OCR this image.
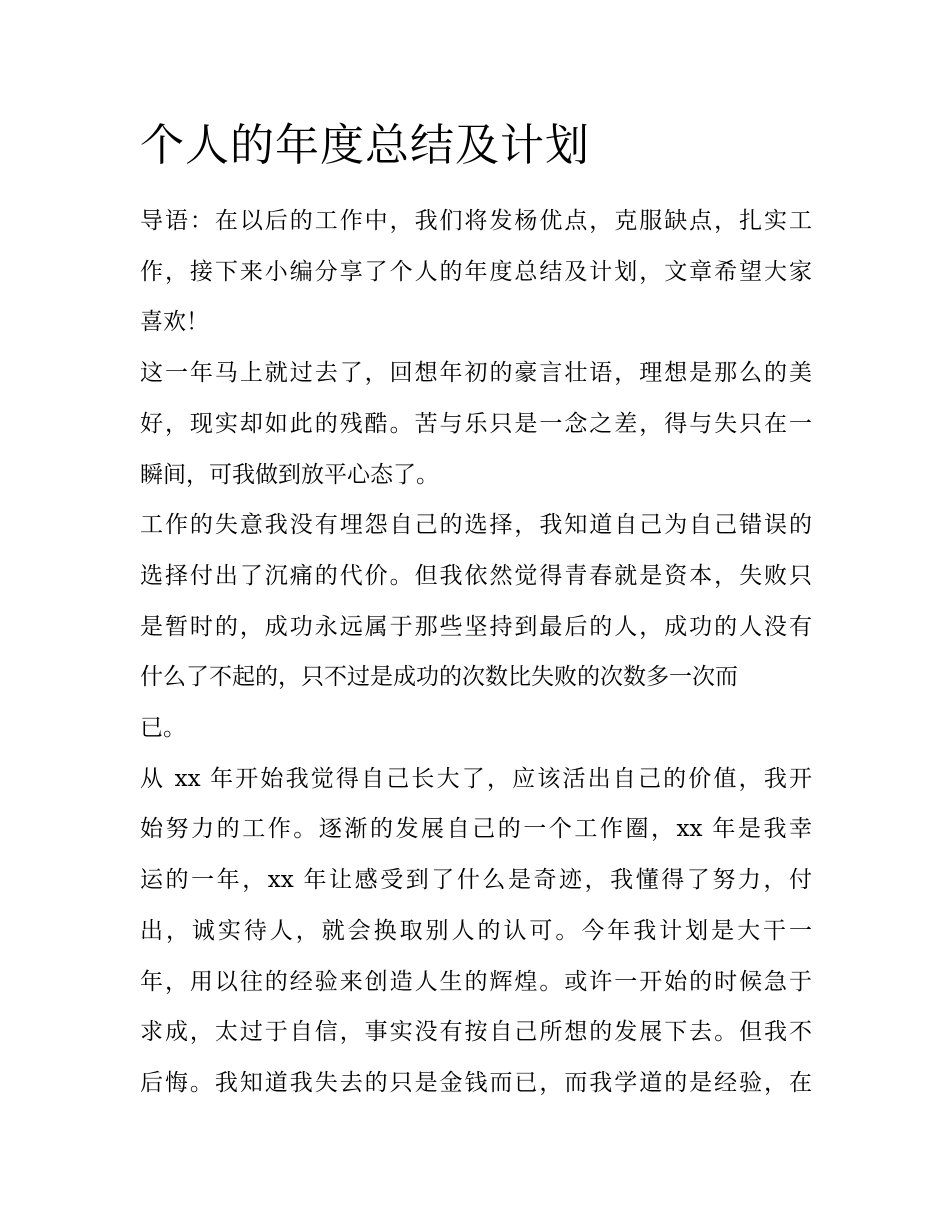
个人的年度总结及计划

导语：在以后的工作中，我们将发杨优点，克服缺点，扎实工
作，接下来小编分享了个人的年度总结及计划，文章希望大家
喜欢！

这一年马上就过去了，回想年初的豪言壮语，理想是那么的美
好，现实却如此的残酷。苦与乐只是一念之差，得与失只在一
瞬间，可我做到放平心态了。

工作的失意我没有埋怨自己的选择，我知道自己为自己错误的
选择付出了沉痛的代价。但我依然觉得青春就是资本，失败只
是暂时的，成功永远属于那些坚持到最后的人，成功的人没有
什么了不起的，只不过是成功的次数比失败的次数多一次而
已。

从 xx 年开始我觉得自己长大了，应该活出自己的价值，我开
始努力的工作。逐渐的发展自己的一个工作圈，xx 年是我幸
运的一年，xx 年让感受到了什么是奇迹，我懂得了努力，付
出，诚实待人，就会换取别人的认可。今年我计划是大干一
年，用以往的经验来创造人生的辉煌。或许一开始的时候急于
求成，太过于自信，事实没有按自己所想的发展下去。但我不
后悔。我知道我失去的只是金钱而已，而我学道的是经验，在
